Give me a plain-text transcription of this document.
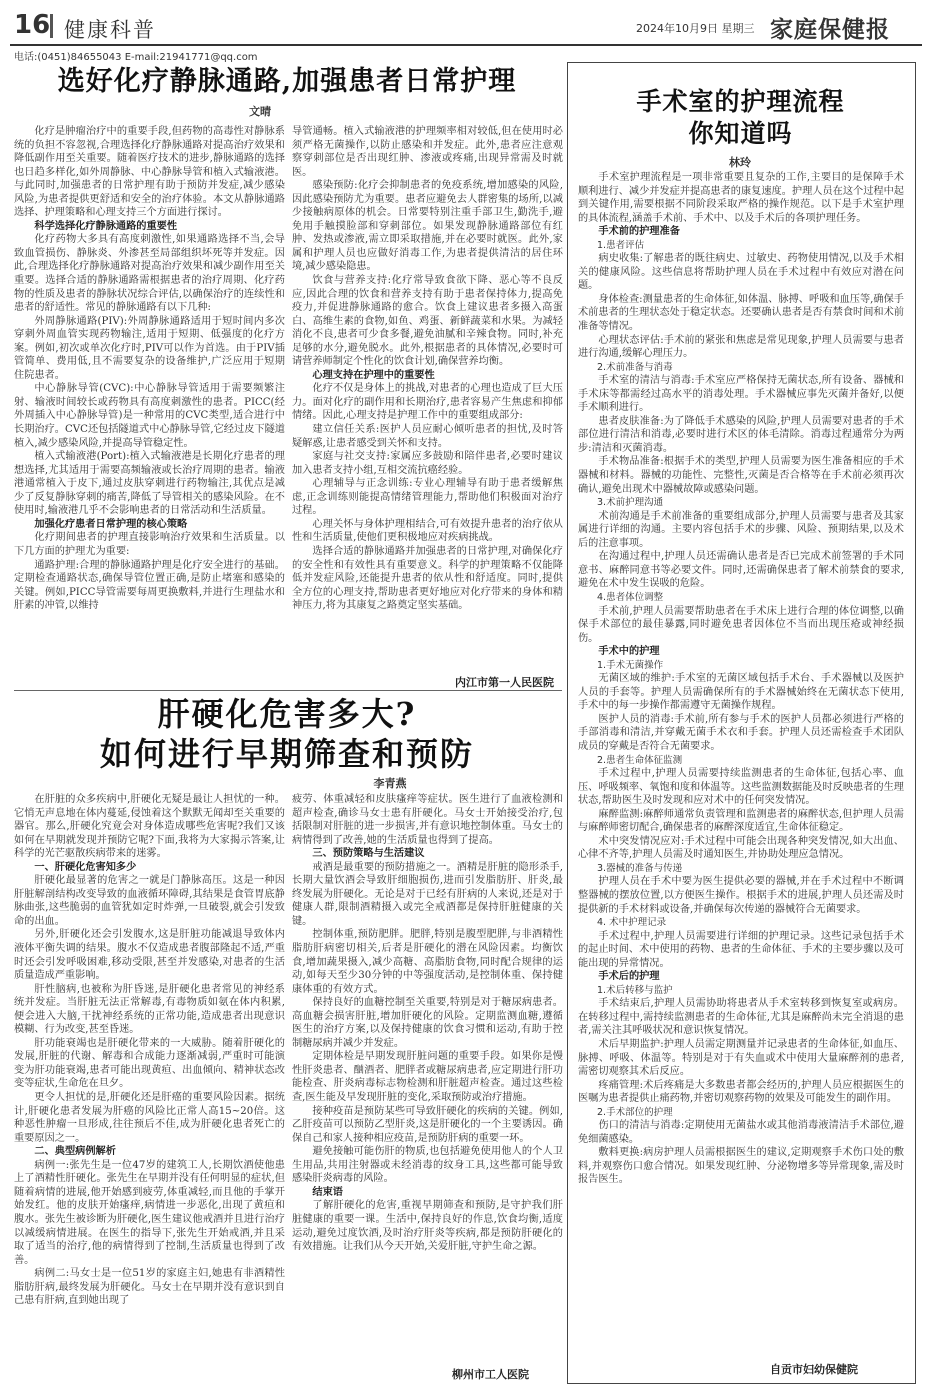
16 健康科普	2024年10月9日 星期三 家庭保健报
电话:(0451)84655043 E-mail:21941771@qq.com
选好化疗静脉通路,加强患者日常护理
文晴

化疗是肿瘤治疗中的重要手段,但药物的高毒性对静脉系统的负担不容忽视,合理选择化疗静脉通路对提高治疗效果和降低副作用至关重要。随着医疗技术的进步,静脉通路的选择也日趋多样化,如外周静脉、中心静脉导管和植入式输液港。与此同时,加强患者的日常护理有助于预防并发症,减少感染风险,为患者提供更舒适和安全的治疗体验。本文从静脉通路选择、护理策略和心理支持三个方面进行探讨。

科学选择化疗静脉通路的重要性

化疗药物大多具有高度刺激性,如果通路选择不当,会导致血管损伤、静脉炎、外渗甚至局部组织坏死等并发症。因此,合理选择化疗静脉通路对提高治疗效果和减少副作用至关重要。选择合适的静脉通路需根据患者的治疗周期、化疗药物的性质及患者的静脉状况综合评估,以确保治疗的连续性和患者的舒适性。常见的静脉通路有以下几种:

外周静脉通路(PIV):外周静脉通路适用于短时间内多次穿刺外周血管实现药物输注,适用于短期、低强度的化疗方案。例如,初次或单次化疗时,PIV可以作为首选。由于PIV插管简单、费用低,且不需要复杂的设备维护,广泛应用于短期住院患者。

中心静脉导管(CVC):中心静脉导管适用于需要频繁注射、输液时间较长或药物具有高度刺激性的患者。PICC(经外周插入中心静脉导管)是一种常用的CVC类型,适合进行中长期治疗。CVC还包括隧道式中心静脉导管,它经过皮下隧道植入,减少感染风险,并提高导管稳定性。

植入式输液港(Port):植入式输液港是长期化疗患者的理想选择,尤其适用于需要高频输液或长治疗周期的患者。输液港通常植入于皮下,通过皮肤穿刺进行药物输注,其优点是减少了反复静脉穿刺的痛苦,降低了导管相关的感染风险。在不使用时,输液港几乎不会影响患者的日常活动和生活质量。

加强化疗患者日常护理的核心策略

化疗期间患者的护理直接影响治疗效果和生活质量。以下几方面的护理尤为重要:

通路护理:合理的静脉通路护理是化疗安全进行的基础。定期检查通路状态,确保导管位置正确,是防止堵塞和感染的关键。例如,PICC导管需要每周更换敷料,并进行生理盐水和肝素的冲管,以维持

导管通畅。植入式输液港的护理频率相对较低,但在使用时必须严格无菌操作,以防止感染和并发症。此外,患者应注意观察穿刺部位是否出现红肿、渗液或疼痛,出现异常需及时就医。

感染预防:化疗会抑制患者的免疫系统,增加感染的风险,因此感染预防尤为重要。患者应避免去人群密集的场所,以减少接触病原体的机会。日常要特别注重手部卫生,勤洗手,避免用手触摸脸部和穿刺部位。如果发现静脉通路部位有红肿、发热或渗液,需立即采取措施,并在必要时就医。此外,家属和护理人员也应做好消毒工作,为患者提供清洁的居住环境,减少感染隐患。

饮食与营养支持:化疗常导致食欲下降、恶心等不良反应,因此合理的饮食和营养支持有助于患者保持体力,提高免疫力,并促进静脉通路的愈合。饮食上建议患者多摄入高蛋白、高维生素的食物,如鱼、鸡蛋、新鲜蔬菜和水果。为减轻消化不良,患者可少食多餐,避免油腻和辛辣食物。同时,补充足够的水分,避免脱水。此外,根据患者的具体情况,必要时可请营养师制定个性化的饮食计划,确保营养均衡。

心理支持在护理中的重要性

化疗不仅是身体上的挑战,对患者的心理也造成了巨大压力。面对化疗的副作用和长期治疗,患者容易产生焦虑和抑郁情绪。因此,心理支持是护理工作中的重要组成部分:

建立信任关系:医护人员应耐心倾听患者的担忧,及时答疑解惑,让患者感受到关怀和支持。

家庭与社交支持:家属应多鼓励和陪伴患者,必要时建议加入患者支持小组,互相交流抗癌经验。

心理辅导与正念训练:专业心理辅导有助于患者缓解焦虑,正念训练则能提高情绪管理能力,帮助他们积极面对治疗过程。

心理关怀与身体护理相结合,可有效提升患者的治疗依从性和生活质量,使他们更积极地应对疾病挑战。

选择合适的静脉通路并加强患者的日常护理,对确保化疗的安全性和有效性具有重要意义。科学的护理策略不仅能降低并发症风险,还能提升患者的依从性和舒适度。同时,提供全方位的心理支持,帮助患者更好地应对化疗带来的身体和精神压力,将为其康复之路奠定坚实基础。

内江市第一人民医院
肝硬化危害多大?
如何进行早期筛查和预防
李青燕

在肝脏的众多疾病中,肝硬化无疑是最让人担忧的一种。它悄无声息地在体内蔓延,侵蚀着这个默默无闻却至关重要的器官。那么,肝硬化究竟会对身体造成哪些危害呢?我们又该如何在早期就发现并预防它呢?下面,我将为大家揭示答案,让科学的光芒驱散疾病带来的迷雾。

一、肝硬化危害知多少

肝硬化最显著的危害之一就是门静脉高压。这是一种因肝脏解剖结构改变导致的血液循环障碍,其结果是食管胃底静脉曲张,这些脆弱的血管犹如定时炸弹,一旦破裂,就会引发致命的出血。

另外,肝硬化还会引发腹水,这是肝脏功能减退导致体内液体平衡失调的结果。腹水不仅造成患者腹部隆起不适,严重时还会引发呼吸困难,移动受限,甚至并发感染,对患者的生活质量造成严重影响。

肝性脑病,也被称为肝昏迷,是肝硬化患者常见的神经系统并发症。当肝脏无法正常解毒,有毒物质如氨在体内积累,便会进入大脑,干扰神经系统的正常功能,造成患者出现意识模糊、行为改变,甚至昏迷。

肝功能衰竭也是肝硬化带来的一大威胁。随着肝硬化的发展,肝脏的代谢、解毒和合成能力逐渐减弱,严重时可能演变为肝功能衰竭,患者可能出现黄疸、出血倾向、精神状态改变等症状,生命危在旦夕。

更令人担忧的是,肝硬化还是肝癌的重要风险因素。据统计,肝硬化患者发展为肝癌的风险比正常人高15~20倍。这种恶性肿瘤一旦形成,往往预后不佳,成为肝硬化患者死亡的重要原因之一。

二、典型病例解析

病例一:张先生是一位47岁的建筑工人,长期饮酒使他患上了酒精性肝硬化。张先生在早期并没有任何明显的症状,但随着病情的进展,他开始感到疲劳,体重减轻,而且他的手掌开始发红。他的皮肤开始瘙痒,病情进一步恶化,出现了黄疸和腹水。张先生被诊断为肝硬化,医生建议他戒酒并且进行治疗以减缓病情进展。在医生的指导下,张先生开始戒酒,并且采取了适当的治疗,他的病情得到了控制,生活质量也得到了改善。

病例二:马女士是一位51岁的家庭主妇,她患有非酒精性脂肪肝病,最终发展为肝硬化。马女士在早期并没有意识到自己患有肝病,直到她出现了

疲劳、体重减轻和皮肤瘙痒等症状。医生进行了血液检测和超声检查,确诊马女士患有肝硬化。马女士开始接受治疗,包括限制对肝脏的进一步损害,并有意识地控制体重。马女士的病情得到了改善,她的生活质量也得到了提高。

三、预防策略与生活建议

戒酒是最重要的预防措施之一。酒精是肝脏的隐形杀手,长期大量饮酒会导致肝细胞损伤,进而引发脂肪肝、肝炎,最终发展为肝硬化。无论是对于已经有肝病的人来说,还是对于健康人群,限制酒精摄入或完全戒酒都是保持肝脏健康的关键。

控制体重,预防肥胖。肥胖,特别是腹型肥胖,与非酒精性脂肪肝病密切相关,后者是肝硬化的潜在风险因素。均衡饮食,增加蔬果摄入,减少高糖、高脂肪食物,同时配合规律的运动,如每天至少30分钟的中等强度活动,是控制体重、保持健康体重的有效方式。

保持良好的血糖控制至关重要,特别是对于糖尿病患者。高血糖会损害肝脏,增加肝硬化的风险。定期监测血糖,遵循医生的治疗方案,以及保持健康的饮食习惯和运动,有助于控制糖尿病并减少并发症。

定期体检是早期发现肝脏问题的重要手段。如果你是慢性肝炎患者、酗酒者、肥胖者或糖尿病患者,应定期进行肝功能检查、肝炎病毒标志物检测和肝脏超声检查。通过这些检查,医生能及早发现肝脏的变化,采取预防或治疗措施。

接种疫苗是预防某些可导致肝硬化的疾病的关键。例如,乙肝疫苗可以预防乙型肝炎,这是肝硬化的一个主要诱因。确保自己和家人接种相应疫苗,是预防肝病的重要一环。

避免接触可能伤肝的物质,也包括避免使用他人的个人卫生用品,共用注射器或未经消毒的纹身工具,这些都可能导致感染肝炎病毒的风险。

结束语

了解肝硬化的危害,重视早期筛查和预防,是守护我们肝脏健康的重要一课。生活中,保持良好的作息,饮食均衡,适度运动,避免过度饮酒,及时治疗肝炎等疾病,都是预防肝硬化的有效措施。让我们从今天开始,关爱肝脏,守护生命之源。

柳州市工人医院
手术室的护理流程
你知道吗
林玲

手术室护理流程是一项非常重要且复杂的工作,主要目的是保障手术顺利进行、减少并发症并提高患者的康复速度。护理人员在这个过程中起到关键作用,需要根据不同阶段采取严格的操作规范。以下是手术室护理的具体流程,涵盖手术前、手术中、以及手术后的各项护理任务。

手术前的护理准备

1.患者评估

病史收集:了解患者的既往病史、过敏史、药物使用情况,以及手术相关的健康风险。这些信息将帮助护理人员在手术过程中有效应对潜在问题。

身体检查:测量患者的生命体征,如体温、脉搏、呼吸和血压等,确保手术前患者的生理状态处于稳定状态。还要确认患者是否有禁食时间和术前准备等情况。

心理状态评估:手术前的紧张和焦虑是常见现象,护理人员需要与患者进行沟通,缓解心理压力。

2.术前准备与消毒

手术室的清洁与消毒:手术室应严格保持无菌状态,所有设备、器械和手术床等都需经过高水平的消毒处理。手术器械应事先灭菌并备好,以便手术顺利进行。

患者皮肤准备:为了降低手术感染的风险,护理人员需要对患者的手术部位进行清洁和消毒,必要时进行术区的体毛清除。消毒过程通常分为两步:清洁和灭菌消毒。

手术物品准备:根据手术的类型,护理人员需要为医生准备相应的手术器械和材料。器械的功能性、完整性,灭菌是否合格等在手术前必须再次确认,避免出现术中器械故障或感染问题。

3.术前护理沟通

术前沟通是手术前准备的重要组成部分,护理人员需要与患者及其家属进行详细的沟通。主要内容包括手术的步骤、风险、预期结果,以及术后的注意事项。

在沟通过程中,护理人员还需确认患者是否已完成术前签署的手术同意书、麻醉同意书等必要文件。同时,还需确保患者了解术前禁食的要求,避免在术中发生误吸的危险。

4.患者体位调整

手术前,护理人员需要帮助患者在手术床上进行合理的体位调整,以确保手术部位的最佳暴露,同时避免患者因体位不当而出现压疮或神经损伤。

手术中的护理

1.手术无菌操作

无菌区域的维护:手术室的无菌区域包括手术台、手术器械以及医护人员的手套等。护理人员需确保所有的手术器械始终在无菌状态下使用,手术中的每一步操作都需遵守无菌操作规程。

医护人员的消毒:手术前,所有参与手术的医护人员都必须进行严格的手部消毒和清洁,并穿戴无菌手术衣和手套。护理人员还需检查手术团队成员的穿戴是否符合无菌要求。

2.患者生命体征监测

手术过程中,护理人员需要持续监测患者的生命体征,包括心率、血压、呼吸频率、氧饱和度和体温等。这些监测数据能及时反映患者的生理状态,帮助医生及时发现和应对术中的任何突发情况。

麻醉监测:麻醉师通常负责管理和监测患者的麻醉状态,但护理人员需与麻醉师密切配合,确保患者的麻醉深度适宜,生命体征稳定。

术中突发情况应对:手术过程中可能会出现各种突发情况,如大出血、心律不齐等,护理人员需及时通知医生,并协助处理应急情况。

3.器械的准备与传递

护理人员在手术中要为医生提供必要的器械,并在手术过程中不断调整器械的摆放位置,以方便医生操作。根据手术的进展,护理人员还需及时提供新的手术材料或设备,并确保每次传递的器械符合无菌要求。

4. 术中护理记录

手术过程中,护理人员需要进行详细的护理记录。这些记录包括手术的起止时间、术中使用的药物、患者的生命体征、手术的主要步骤以及可能出现的异常情况。

手术后的护理

1.术后转移与监护

手术结束后,护理人员需协助将患者从手术室转移到恢复室或病房。在转移过程中,需持续监测患者的生命体征,尤其是麻醉尚未完全消退的患者,需关注其呼吸状况和意识恢复情况。

术后早期监护:护理人员需定期测量并记录患者的生命体征,如血压、脉搏、呼吸、体温等。特别是对于有失血或术中使用大量麻醉剂的患者,需密切观察其术后反应。

疼痛管理:术后疼痛是大多数患者都会经历的,护理人员应根据医生的医嘱为患者提供止痛药物,并密切观察药物的效果及可能发生的副作用。

2.手术部位的护理

伤口的清洁与消毒:定期使用无菌盐水或其他消毒液清洁手术部位,避免细菌感染。

敷料更换:病房护理人员需根据医生的建议,定期观察手术伤口处的敷料,并观察伤口愈合情况。如果发现红肿、分泌物增多等异常现象,需及时报告医生。

自贡市妇幼保健院
